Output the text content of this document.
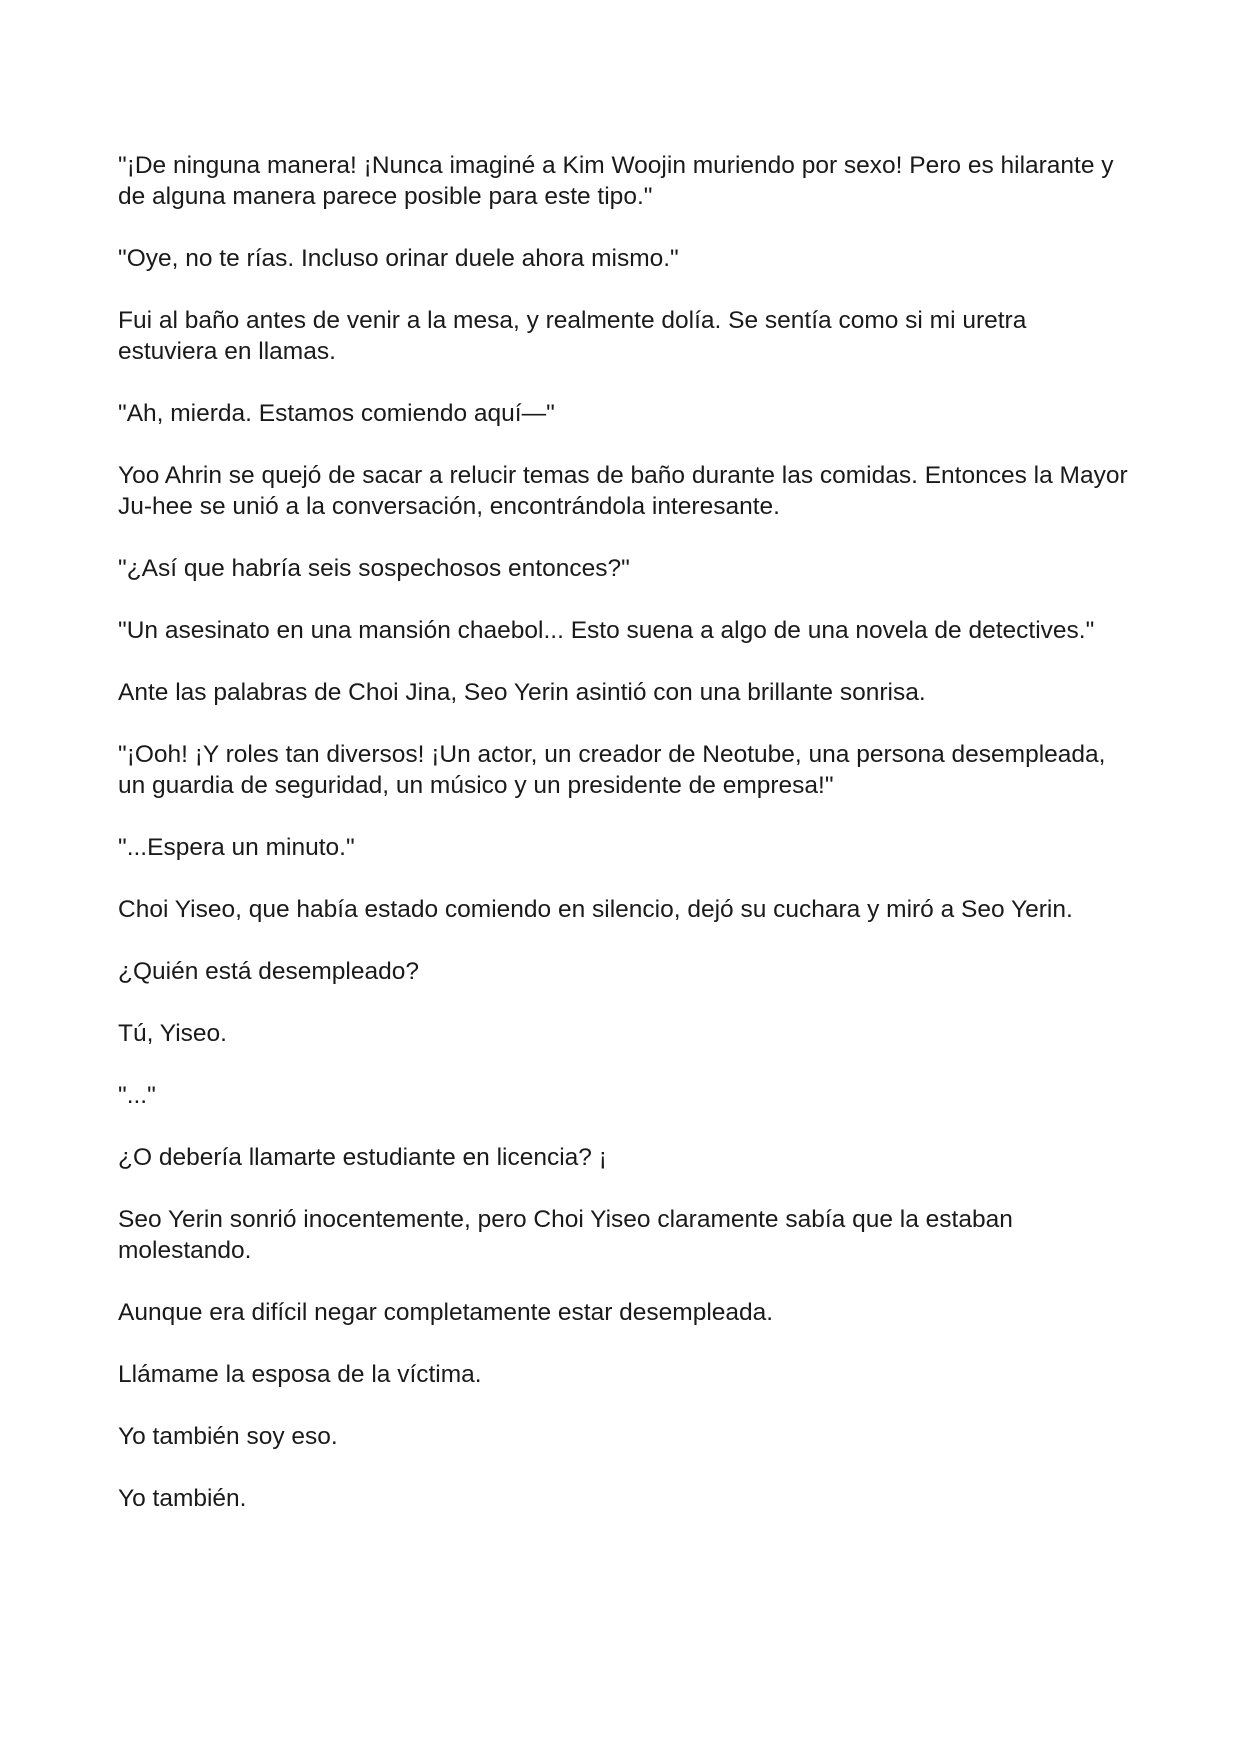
"¡De ninguna manera! ¡Nunca imaginé a Kim Woojin muriendo por sexo! Pero es hilarante y de alguna manera parece posible para este tipo."

"Oye, no te rías. Incluso orinar duele ahora mismo."

Fui al baño antes de venir a la mesa, y realmente dolía. Se sentía como si mi uretra estuviera en llamas.

"Ah, mierda. Estamos comiendo aquí—"

Yoo Ahrin se quejó de sacar a relucir temas de baño durante las comidas. Entonces la Mayor Ju-hee se unió a la conversación, encontrándola interesante.

"¿Así que habría seis sospechosos entonces?"

"Un asesinato en una mansión chaebol... Esto suena a algo de una novela de detectives."

Ante las palabras de Choi Jina, Seo Yerin asintió con una brillante sonrisa.

"¡Ooh! ¡Y roles tan diversos! ¡Un actor, un creador de Neotube, una persona desempleada, un guardia de seguridad, un músico y un presidente de empresa!"

"...Espera un minuto."

Choi Yiseo, que había estado comiendo en silencio, dejó su cuchara y miró a Seo Yerin.

¿Quién está desempleado?

Tú, Yiseo.

"..."

¿O debería llamarte estudiante en licencia? ¡

Seo Yerin sonrió inocentemente, pero Choi Yiseo claramente sabía que la estaban molestando.

Aunque era difícil negar completamente estar desempleada.

Llámame la esposa de la víctima.

Yo también soy eso.

Yo también.
